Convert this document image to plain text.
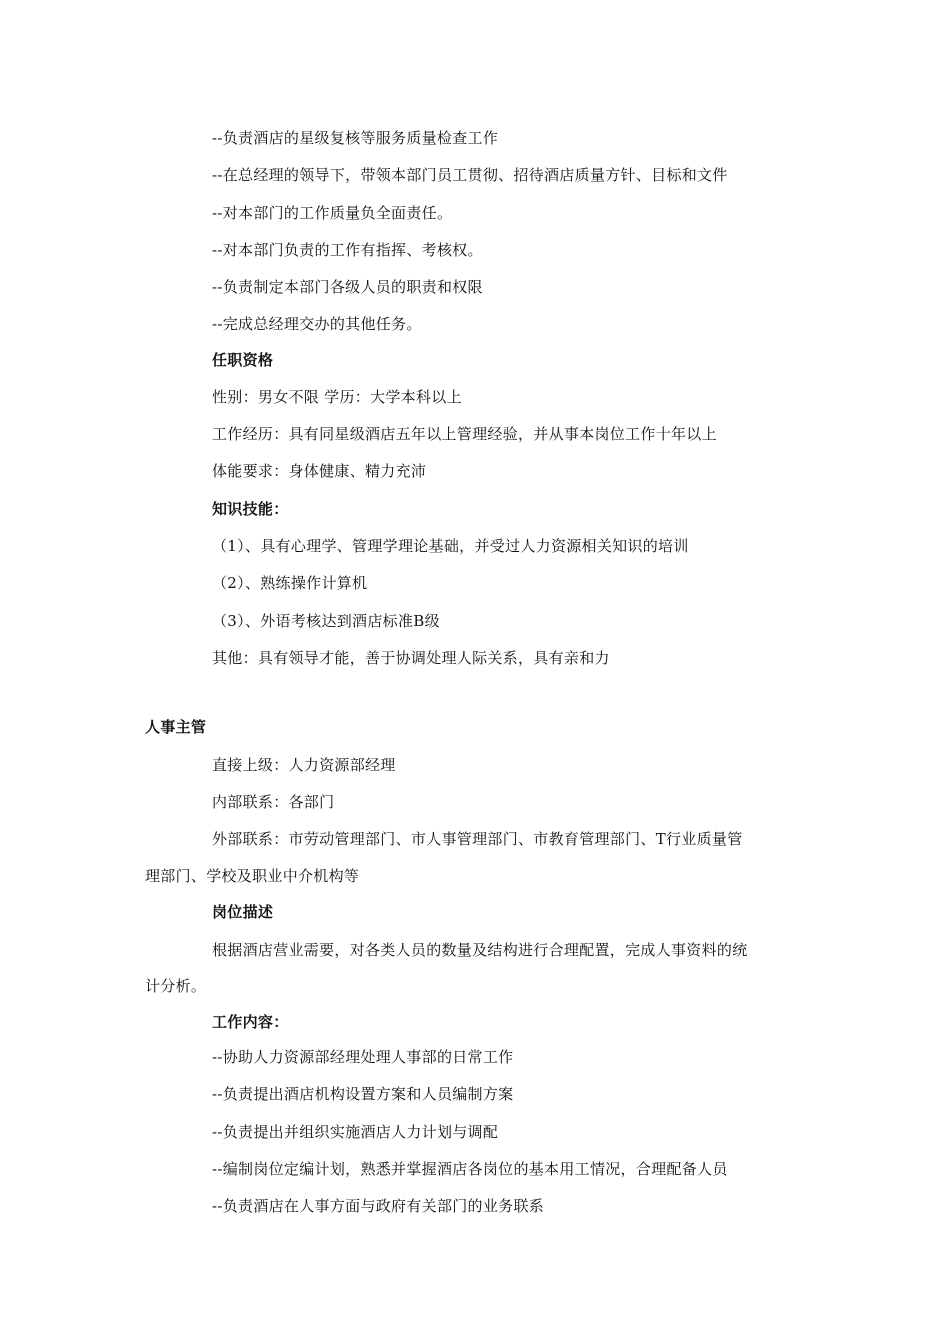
--负责酒店的星级复核等服务质量检查工作
--在总经理的领导下，带领本部门员工贯彻、招待酒店质量方针、目标和文件
--对本部门的工作质量负全面责任。
--对本部门负责的工作有指挥、考核权。
--负责制定本部门各级人员的职责和权限
--完成总经理交办的其他任务。
任职资格
性别：男女不限 学历：大学本科以上
工作经历：具有同星级酒店五年以上管理经验，并从事本岗位工作十年以上
体能要求：身体健康、精力充沛
知识技能：
（1）、具有心理学、管理学理论基础，并受过人力资源相关知识的培训
（2）、熟练操作计算机
（3）、外语考核达到酒店标准B级
其他：具有领导才能，善于协调处理人际关系，具有亲和力
人事主管
直接上级：人力资源部经理
内部联系：各部门
外部联系：市劳动管理部门、市人事管理部门、市教育管理部门、T行业质量管
理部门、学校及职业中介机构等
岗位描述
根据酒店营业需要，对各类人员的数量及结构进行合理配置，完成人事资料的统
计分析。
工作内容：
--协助人力资源部经理处理人事部的日常工作
--负责提出酒店机构设置方案和人员编制方案
--负责提出并组织实施酒店人力计划与调配
--编制岗位定编计划，熟悉并掌握酒店各岗位的基本用工情况，合理配备人员
--负责酒店在人事方面与政府有关部门的业务联系
